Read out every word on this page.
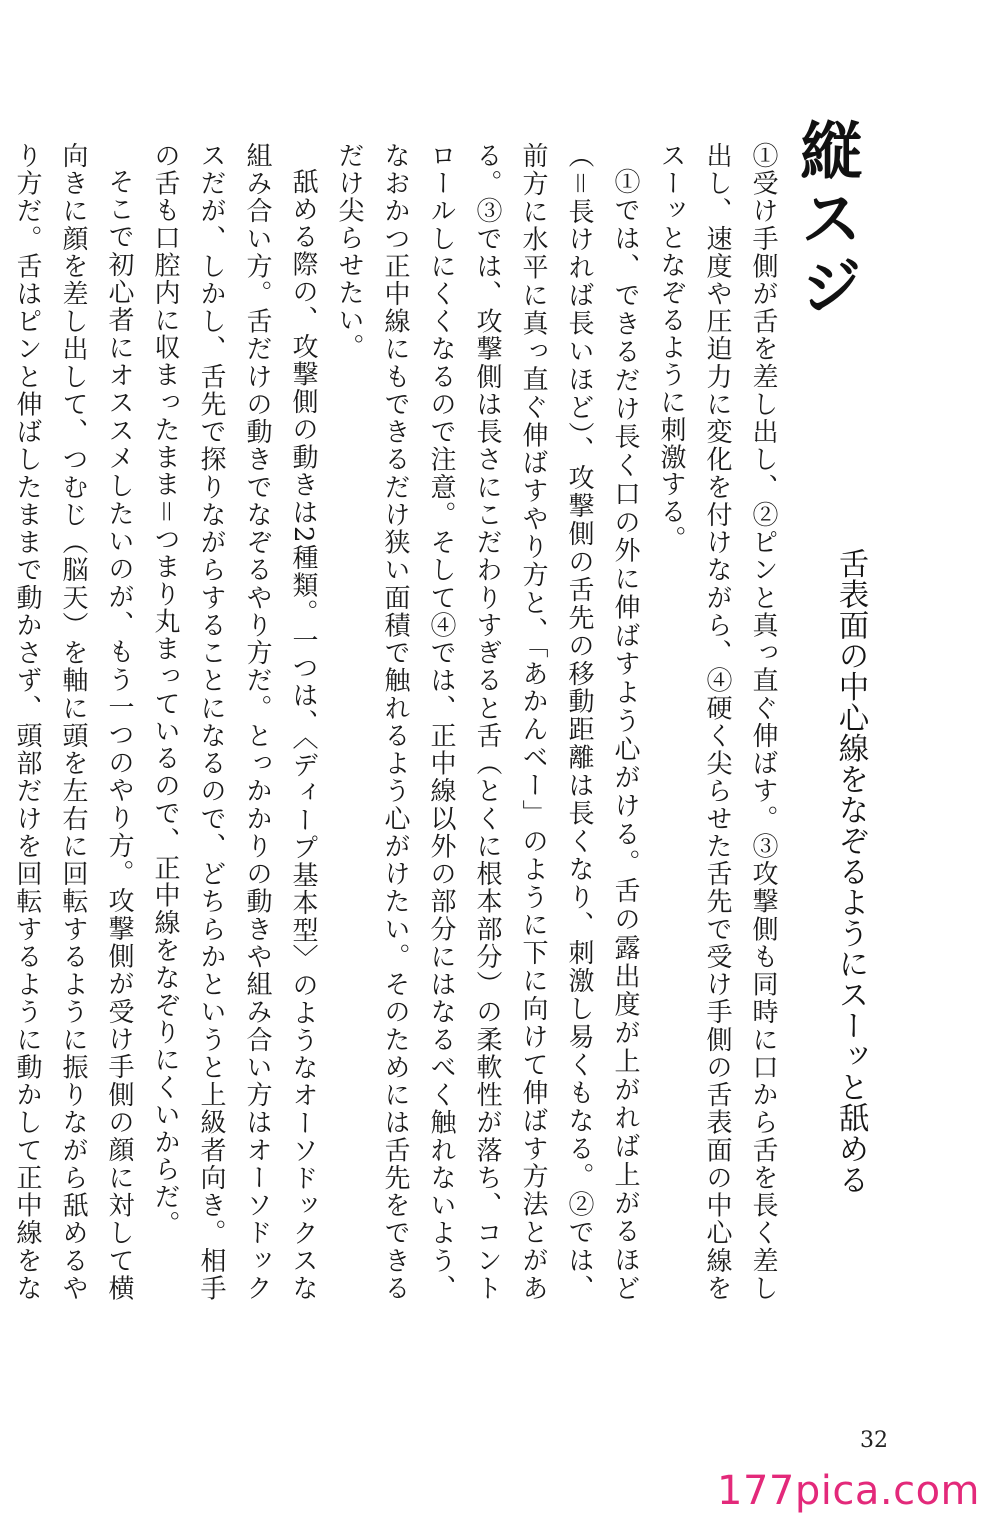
縦スジ
舌表面の中心線をなぞるようにスーッと舐める

①受け手側が舌を差し出し、②ピンと真っ直ぐ伸ばす。③攻撃側も同時に口から舌を長く差し出し、速度や圧迫力に変化を付けながら、④硬く尖らせた舌先で受け手側の舌表面の中心線をスーッとなぞるように刺激する。

①では、できるだけ長く口の外に伸ばすよう心がける。舌の露出度が上がれば上がるほど（＝長ければ長いほど）、攻撃側の舌先の移動距離は長くなり、刺激し易くもなる。②では、前方に水平に真っ直ぐ伸ばすやり方と、「あかんベー」のように下に向けて伸ばす方法とがある。③では、攻撃側は長さにこだわりすぎると舌（とくに根本部分）の柔軟性が落ち、コントロールしにくくなるので注意。そして④では、正中線以外の部分にはなるべく触れないよう、なおかつ正中線にもできるだけ狭い面積で触れるよう心がけたい。そのためには舌先をできるだけ尖らせたい。

舐める際の、攻撃側の動きは2種類。一つは、〈ディープ基本型〉のようなオーソドックスな組み合い方。舌だけの動きでなぞるやり方だ。とっかかりの動きや組み合い方はオーソドックスだが、しかし、舌先で探りながらすることになるので、どちらかというと上級者向き。相手の舌も口腔内に収まったまま＝つまり丸まっているので、正中線をなぞりにくいからだ。

そこで初心者にオススメしたいのが、もう一つのやり方。攻撃側が受け手側の顔に対して横向きに顔を差し出して、つむじ（脳天）を軸に頭を左右に回転するように振りながら舐めるやり方だ。舌はピンと伸ばしたままで動かさず、頭部だけを回転するように動かして正中線をな

32
177pica.com
